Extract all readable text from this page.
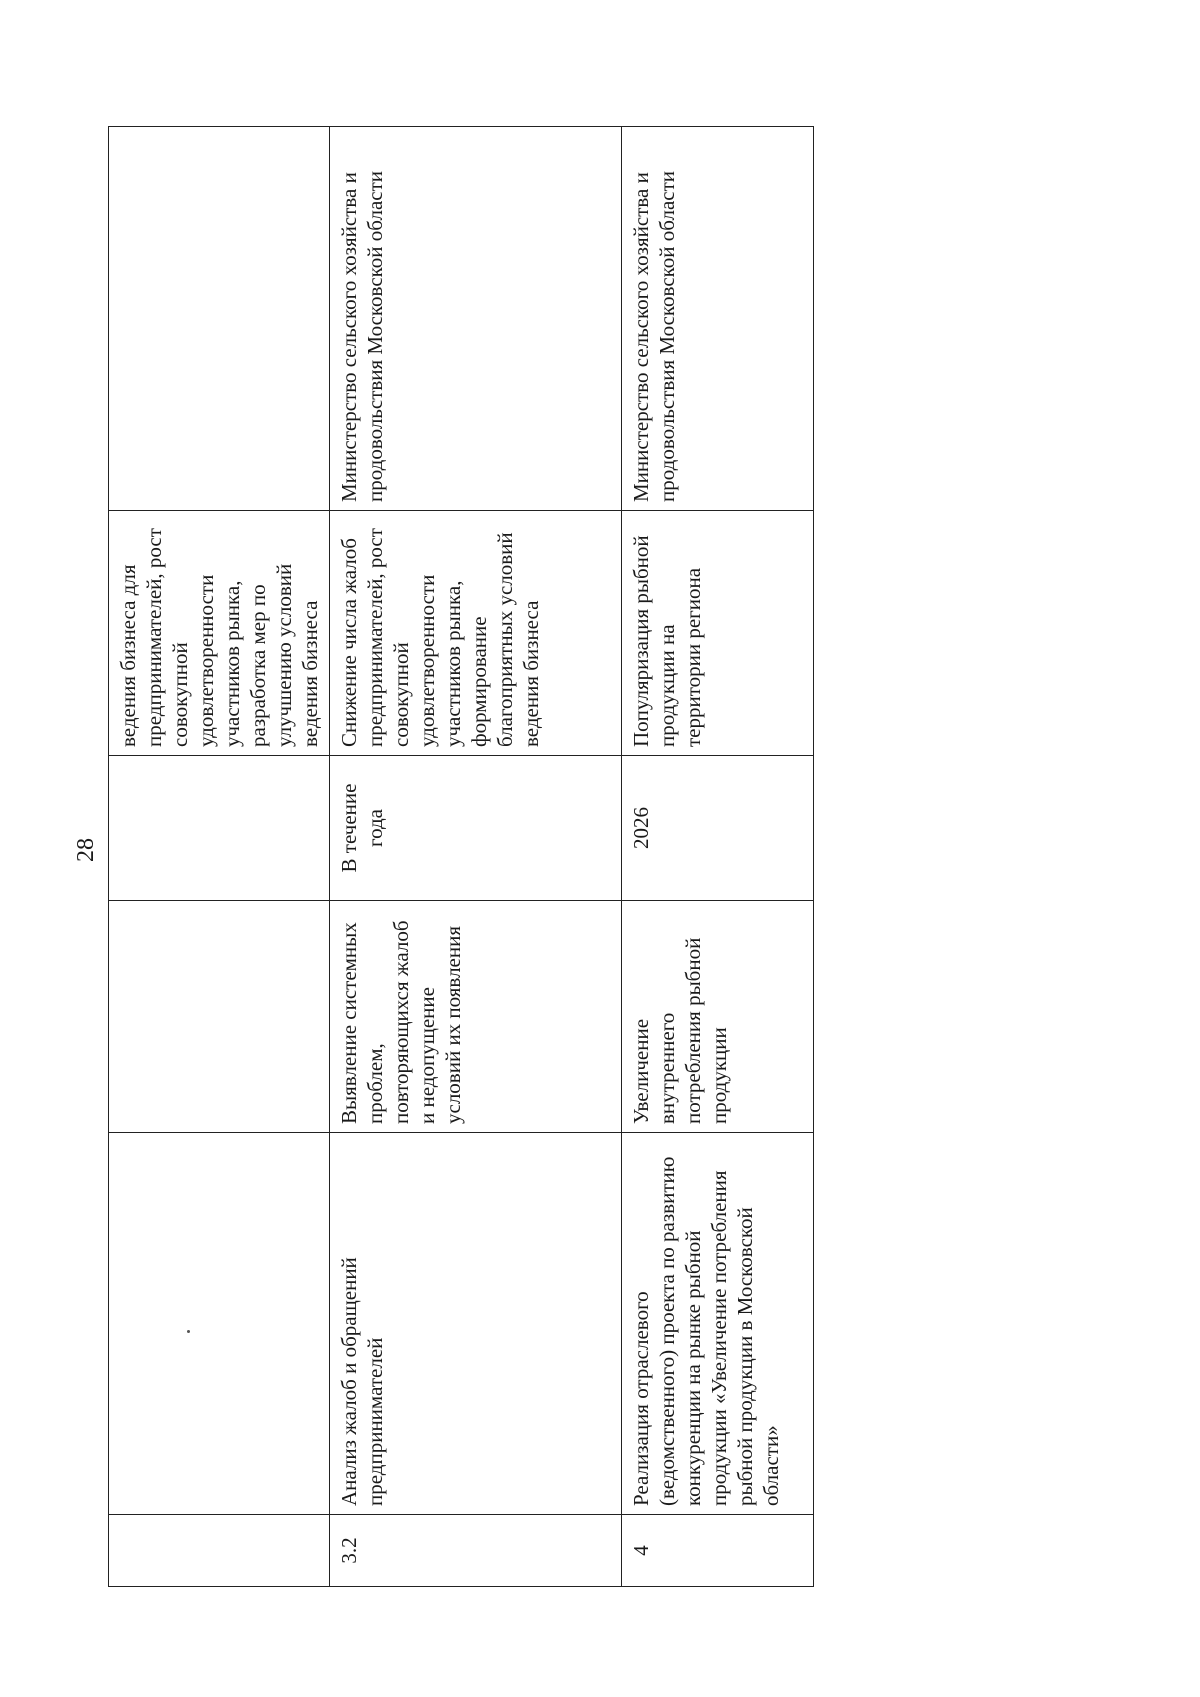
28
				ведения бизнеса для предпринимателей, рост совокупной удовлетворенности участников рынка, разработка мер по улучшению условий ведения бизнеса	
3.2	Анализ жалоб и обращений предпринимателей	Выявление системных проблем, повторяющихся жалоб и недопущение условий их появления	В течение года	Снижение числа жалоб предпринимателей, рост совокупной удовлетворенности участников рынка, формирование благоприятных условий ведения бизнеса	Министерство сельского хозяйства и продовольствия Московской области
4	Реализация отраслевого (ведомственного) проекта по развитию конкуренции на рынке рыбной продукции «Увеличение потребления рыбной продукции в Московской области»	Увеличение внутреннего потребления рыбной продукции	2026	Популяризация рыбной продукции на территории региона	Министерство сельского хозяйства и продовольствия Московской области
